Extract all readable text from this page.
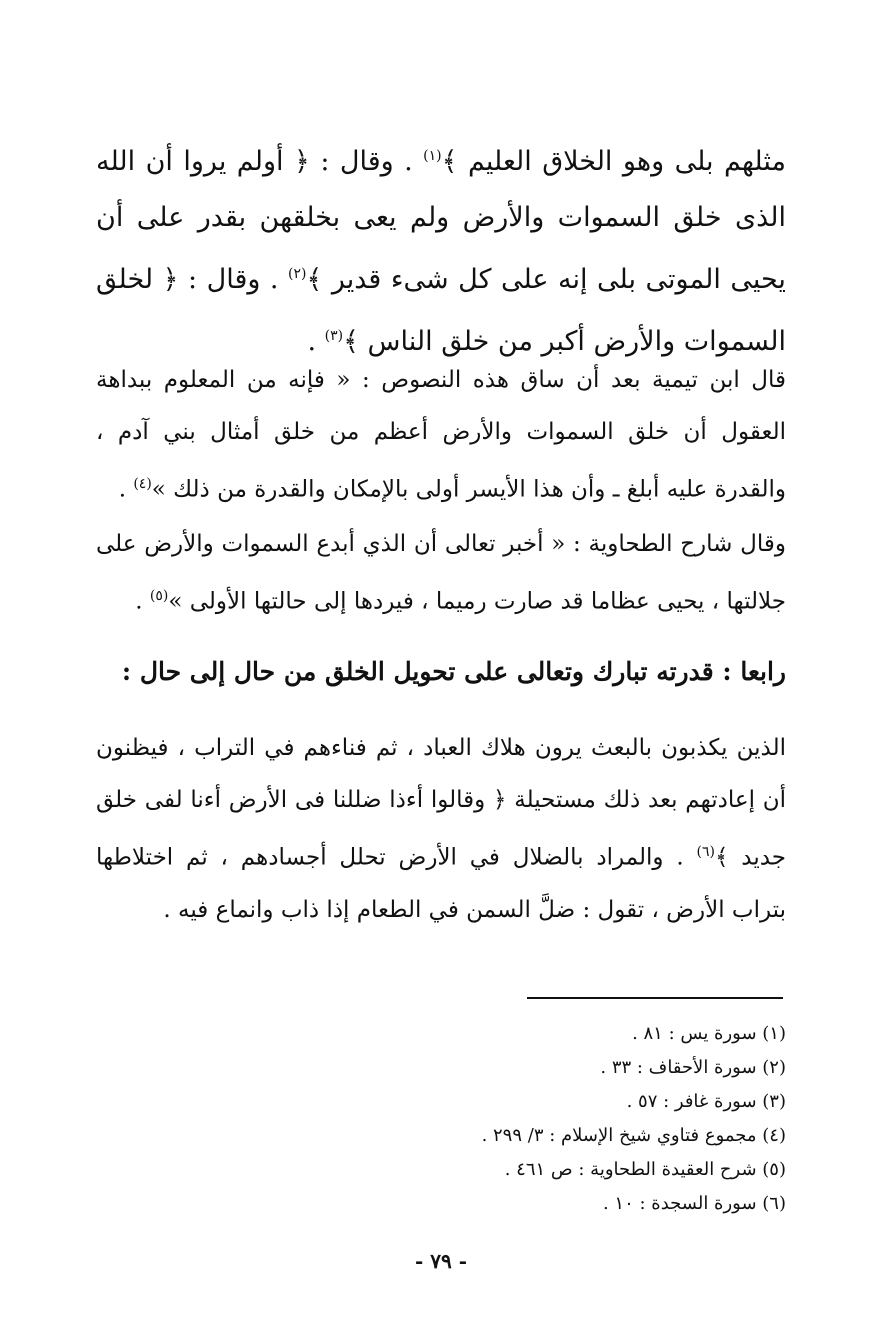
مثلهم بلى وهو الخلاق العليم ﴾$^{(١)}$ . وقال : ﴿ أولم يروا أن الله الذى خلق السموات والأرض ولم يعى بخلقهن بقدر على أن يحيى الموتى بلى إنه على كل شىء قدير ﴾$^{(٢)}$ . وقال : ﴿ لخلق السموات والأرض أكبر من خلق الناس ﴾$^{(٣)}$ .
قال ابن تيمية بعد أن ساق هذه النصوص : « فإنه من المعلوم ببداهة العقول أن خلق السموات والأرض أعظم من خلق أمثال بني آدم ، والقدرة عليه أبلغ ـ وأن هذا الأيسر أولى بالإمكان والقدرة من ذلك »$^{(٤)}$ .
وقال شارح الطحاوية : « أخبر تعالى أن الذي أبدع السموات والأرض على جلالتها ، يحيى عظاما قد صارت رميما ، فيردها إلى حالتها الأولى »$^{(٥)}$ .
رابعا : قدرته تبارك وتعالى على تحويل الخلق من حال إلى حال :
الذين يكذبون بالبعث يرون هلاك العباد ، ثم فناءهم في التراب ، فيظنون أن إعادتهم بعد ذلك مستحيلة ﴿ وقالوا أءذا ضللنا فى الأرض أءنا لفى خلق جديد ﴾$^{(٦)}$ . والمراد بالضلال في الأرض تحلل أجسادهم ، ثم اختلاطها بتراب الأرض ، تقول : ضلَّ السمن في الطعام إذا ذاب وانماع فيه .
(١) سورة يس : ٨١ .
(٢) سورة الأحقاف : ٣٣ .
(٣) سورة غافر : ٥٧ .
(٤) مجموع فتاوي شيخ الإسلام : ٣/ ٢٩٩ .
(٥) شرح العقيدة الطحاوية : ص ٤٦١ .
(٦) سورة السجدة : ١٠ .
- ٧٩ -
